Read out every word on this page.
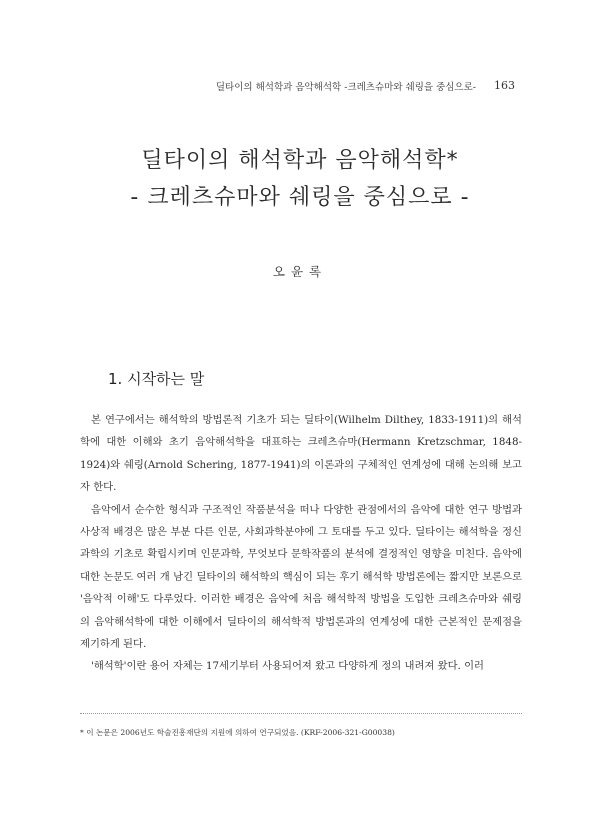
딜타이의 해석학과 음악해석학 -크레츠슈마와 쉐링을 중심으로- 163
딜타이의 해석학과 음악해석학*
- 크레츠슈마와 쉐링을 중심으로 -
오윤록
1. 시작하는 말

본 연구에서는 해석학의 방법론적 기초가 되는 딜타이(Wilhelm Dilthey, 1833-1911)의 해석학에 대한 이해와 초기 음악해석학을 대표하는 크레츠슈마(Hermann Kretzschmar, 1848-1924)와 쉐링(Arnold Schering, 1877-1941)의 이론과의 구체적인 연계성에 대해 논의해 보고자 한다.

음악에서 순수한 형식과 구조적인 작품분석을 떠나 다양한 관점에서의 음악에 대한 연구 방법과 사상적 배경은 많은 부분 다른 인문, 사회과학분야에 그 토대를 두고 있다. 딜타이는 해석학을 정신과학의 기초로 확립시키며 인문과학, 무엇보다 문학작품의 분석에 결정적인 영향을 미친다. 음악에 대한 논문도 여러 개 남긴 딜타이의 해석학의 핵심이 되는 후기 해석학 방법론에는 짧지만 보론으로 '음악적 이해'도 다루었다. 이러한 배경은 음악에 처음 해석학적 방법을 도입한 크레츠슈마와 쉐링의 음악해석학에 대한 이해에서 딜타이의 해석학적 방법론과의 연계성에 대한 근본적인 문제점을 제기하게 된다.

'해석학'이란 용어 자체는 17세기부터 사용되어져 왔고 다양하게 정의 내려져 왔다. 이러

* 이 논문은 2006년도 학술진흥재단의 지원에 의하여 연구되었음. (KRF-2006-321-G00038)
